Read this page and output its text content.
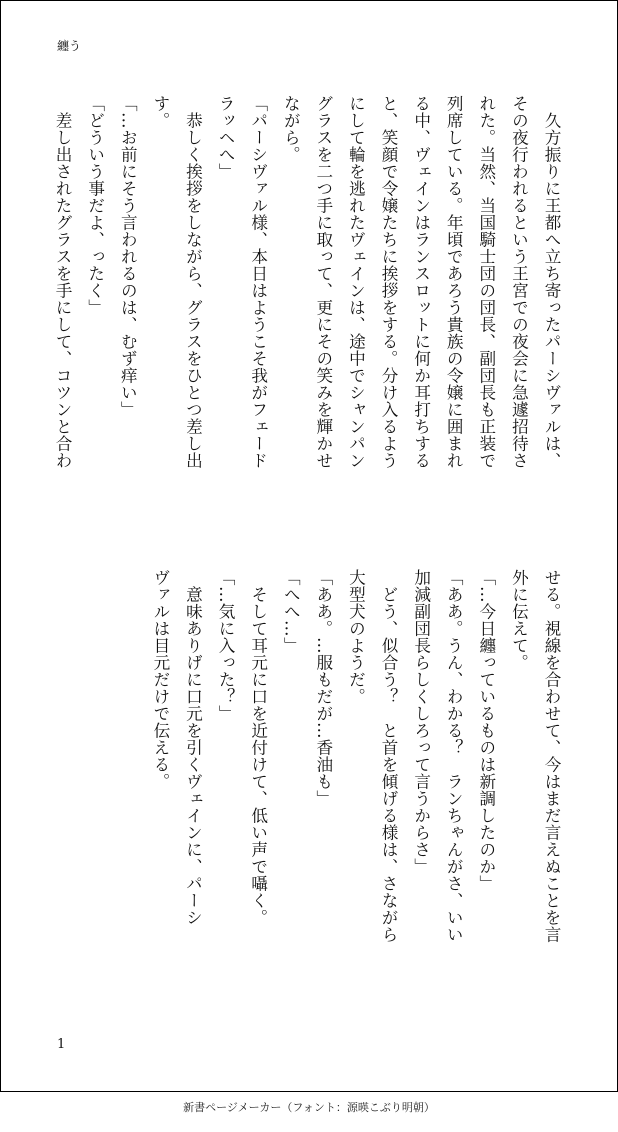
纏う
　久方振りに王都へ立ち寄ったパーシヴァルは、
その夜行われるという王宮での夜会に急遽招待さ
れた。当然、当国騎士団の団長、副団長も正装で
列席している。年頃であろう貴族の令嬢に囲まれ
る中、ヴェインはランスロットに何か耳打ちする
と、笑顔で令嬢たちに挨拶をする。分け入るよう
にして輪を逃れたヴェインは、途中でシャンパン
グラスを二つ手に取って、更にその笑みを輝かせ
ながら。
「パーシヴァル様、本日はようこそ我がフェード
ラッヘへ」
　恭しく挨拶をしながら、グラスをひとつ差し出
す。
「…お前にそう言われるのは、むず痒い」
「どういう事だよ、ったく」
　差し出されたグラスを手にして、コツンと合わ
せる。視線を合わせて、今はまだ言えぬことを言
外に伝えて。
「…今日纏っているものは新調したのか」
「ああ。うん、わかる？　ランちゃんがさ、いい
加減副団長らしくしろって言うからさ」
　どう、似合う？　と首を傾げる様は、さながら
大型犬のようだ。
「ああ。…服もだが…香油も」
「へへ…」
　そして耳元に口を近付けて、低い声で囁く。
「…気に入った？」
　意味ありげに口元を引くヴェインに、パーシ
ヴァルは目元だけで伝える。
1
新書ページメーカー（フォント：源暎こぶり明朝）
